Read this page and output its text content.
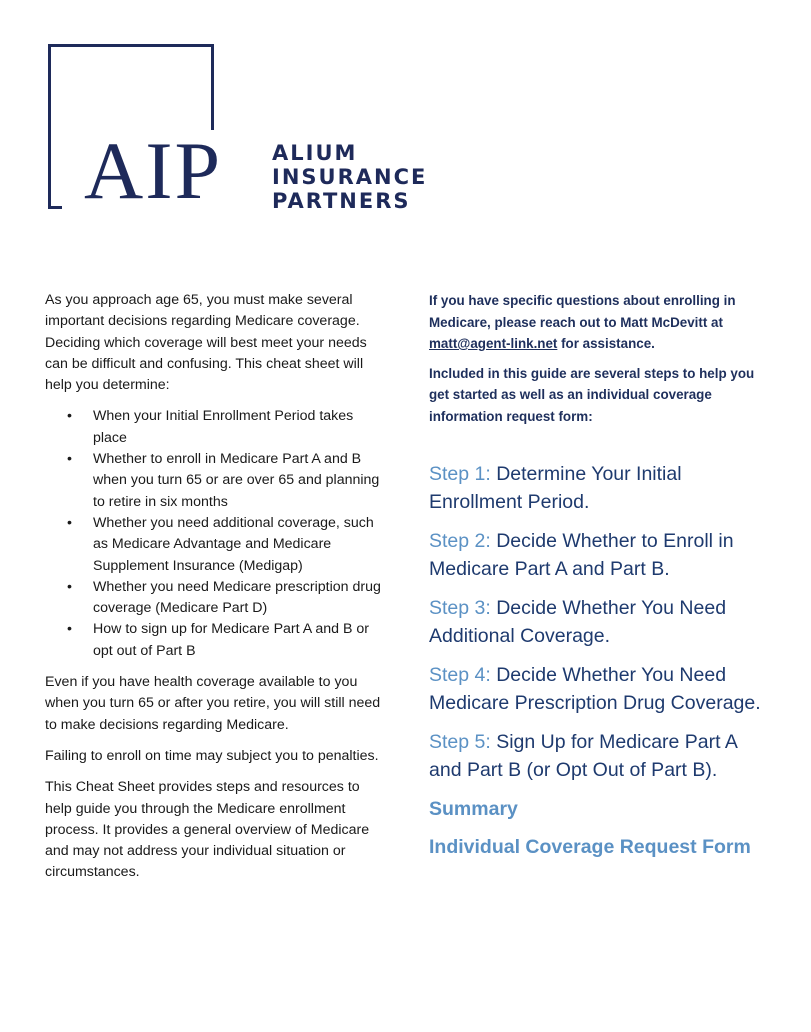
AIP ALIUM
INSURANCE
PARTNERS

As you approach age 65, you must make several important decisions regarding Medicare coverage. Deciding which coverage will best meet your needs can be difficult and confusing. This cheat sheet will help you determine:

• When your Initial Enrollment Period takes place
• Whether to enroll in Medicare Part A and B when you turn 65 or are over 65 and planning
to retire in six months
• Whether you need additional coverage, such as Medicare Advantage and Medicare Supplement Insurance (Medigap)
• Whether you need Medicare prescription drug coverage (Medicare Part D)
• How to sign up for Medicare Part A and B or opt out of Part B

Even if you have health coverage available to you when you turn 65 or after you retire, you will still need to make decisions regarding Medicare.

Failing to enroll on time may subject you to penalties.

This Cheat Sheet provides steps and resources to help guide you through the Medicare enrollment process. It provides a general overview of Medicare and may not address your individual situation or circumstances.

If you have specific questions about enrolling in Medicare, please reach out to Matt McDevitt at matt@agent-link.net for assistance.

Included in this guide are several steps to help you get started as well as an individual coverage information request form:

Step 1: Determine Your Initial Enrollment Period.
Step 2: Decide Whether to Enroll in Medicare Part A and Part B.
Step 3: Decide Whether You Need Additional Coverage.
Step 4: Decide Whether You Need Medicare Prescription Drug Coverage.
Step 5: Sign Up for Medicare Part A and Part B (or Opt Out of Part B).
Summary
Individual Coverage Request Form
